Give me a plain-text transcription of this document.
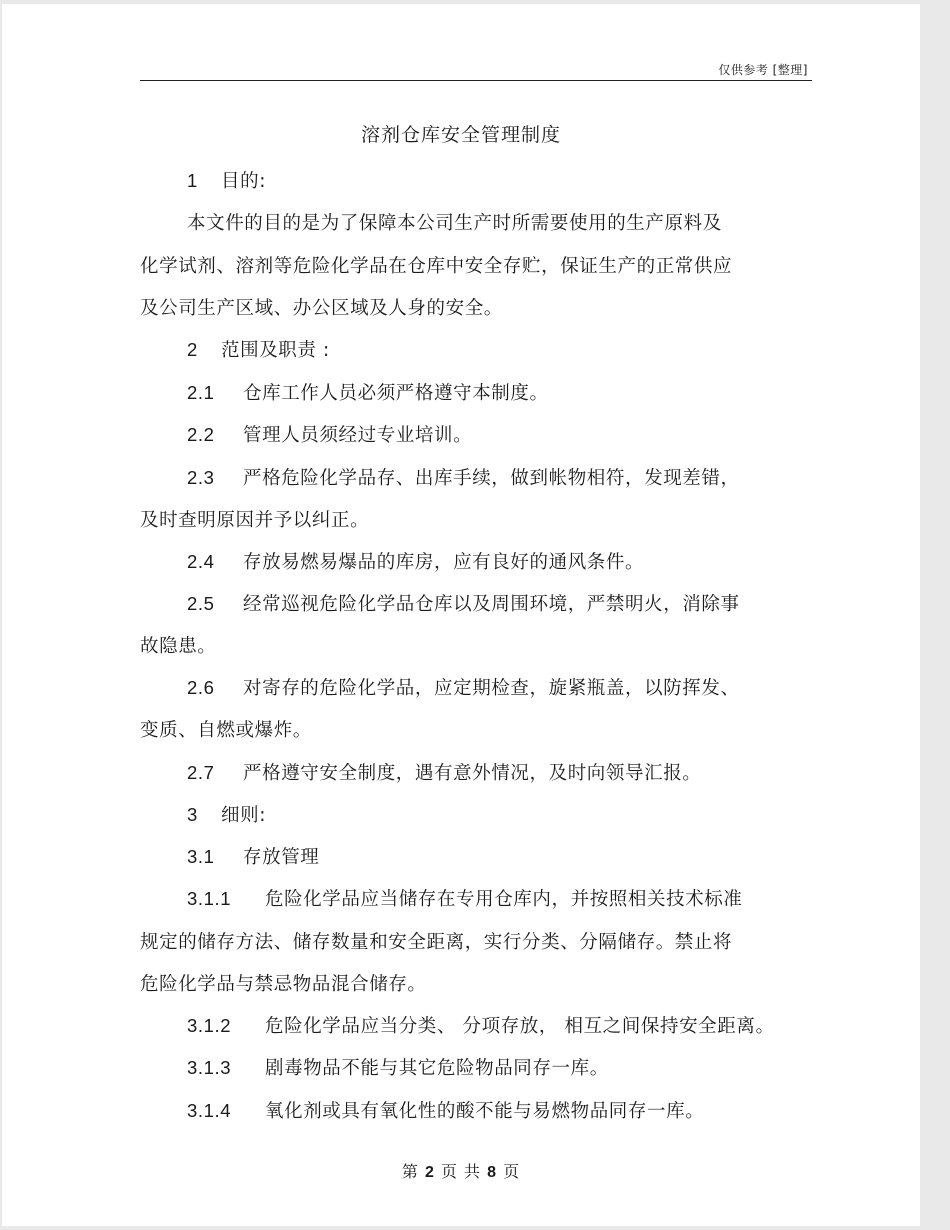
仅供参考 [整理]
溶剂仓库安全管理制度
1 目的:
本文件的目的是为了保障本公司生产时所需要使用的生产原料及
化学试剂、溶剂等危险化学品在仓库中安全存贮，保证生产的正常供应
及公司生产区域、办公区域及人身的安全。
2 范围及职责 :
2.1 仓库工作人员必须严格遵守本制度。
2.2 管理人员须经过专业培训。
2.3 严格危险化学品存、出库手续，做到帐物相符，发现差错，
及时查明原因并予以纠正。
2.4 存放易燃易爆品的库房，应有良好的通风条件。
2.5 经常巡视危险化学品仓库以及周围环境，严禁明火，消除事
故隐患。
2.6 对寄存的危险化学品，应定期检查，旋紧瓶盖，以防挥发、
变质、自燃或爆炸。
2.7 严格遵守安全制度，遇有意外情况，及时向领导汇报。
3 细则:
3.1 存放管理
3.1.1 危险化学品应当储存在专用仓库内，并按照相关技术标准
规定的储存方法、储存数量和安全距离，实行分类、分隔储存。禁止将
危险化学品与禁忌物品混合储存。
3.1.2 危险化学品应当分类、 分项存放， 相互之间保持安全距离。
3.1.3 剧毒物品不能与其它危险物品同存一库。
3.1.4 氧化剂或具有氧化性的酸不能与易燃物品同存一库。
第 2 页 共 8 页
